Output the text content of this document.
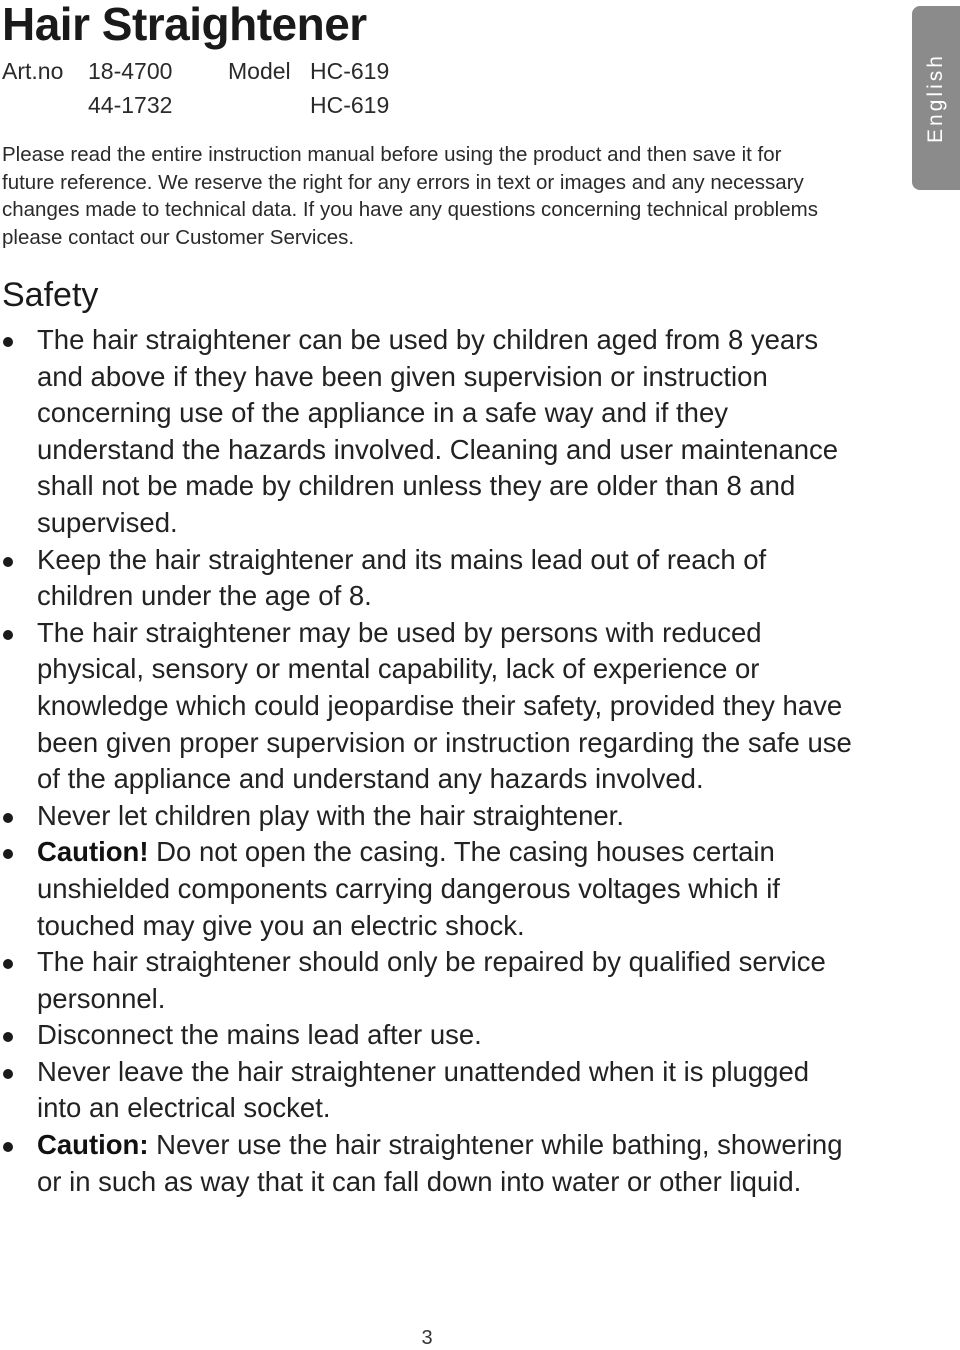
Hair Straightener
Art.no 18-4700 Model HC-619
44-1732	HC-619

Please read the entire instruction manual before using the product and then save it for future reference. We reserve the right for any errors in text or images and any necessary changes made to technical data. If you have any questions concerning technical problems please contact our Customer Services.

English
Safety
The hair straightener can be used by children aged from 8 years and above if they have been given supervision or instruction concerning use of the appliance in a safe way and if they understand the hazards involved. Cleaning and user maintenance shall not be made by children unless they are older than 8 and supervised.
Keep the hair straightener and its mains lead out of reach of children under the age of 8.
The hair straightener may be used by persons with reduced physical, sensory or mental capability, lack of experience or knowledge which could jeopardise their safety, provided they have been given proper supervision or instruction regarding the safe use of the appliance and understand any hazards involved.
Never let children play with the hair straightener.
Caution! Do not open the casing. The casing houses certain unshielded components carrying dangerous voltages which if touched may give you an electric shock.
The hair straightener should only be repaired by qualified service personnel.
Disconnect the mains lead after use.
Never leave the hair straightener unattended when it is plugged into an electrical socket.
Caution: Never use the hair straightener while bathing, showering or in such as way that it can fall down into water or other liquid.
3
